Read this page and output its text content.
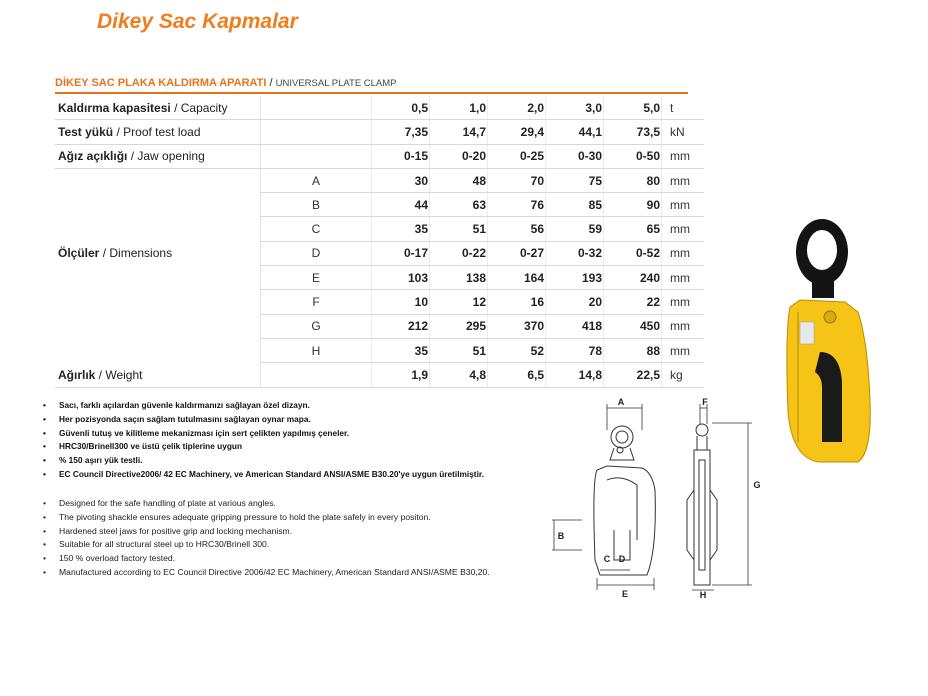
Dikey Sac Kapmalar
DİKEY SAC PLAKA KALDIRMA APARATI / UNIVERSAL PLATE CLAMP
Kaldırma kapasitesi / Capacity		0,5	1,0	2,0	3,0	5,0	t
Test yükü / Proof test load		7,35	14,7	29,4	44,1	73,5	kN
Ağız açıklığı / Jaw opening		0-15	0-20	0-25	0-30	0-50	mm
	A	30	48	70	75	80	mm
	B	44	63	76	85	90	mm
	C	35	51	56	59	65	mm
Ölçüler / Dimensions	D	0-17	0-22	0-27	0-32	0-52	mm
	E	103	138	164	193	240	mm
	F	10	12	16	20	22	mm
	G	212	295	370	418	450	mm
	H	35	51	52	78	88	mm
Ağırlık / Weight		1,9	4,8	6,5	14,8	22,5	kg
• Sacı, farklı açılardan güvenle kaldırmanızı sağlayan özel dizayn.
• Her pozisyonda saçın sağlam tutulmasını sağlayan oynar mapa.
• Güvenli tutuş ve kilitleme mekanizması için sert çelikten yapılmış çeneler.
• HRC30/Brinell300 ve üstü çelik tiplerine uygun
• % 150 aşırı yük testli.
• EC Council Directive2006/ 42 EC Machinery, ve American Standard ANSI/ASME B30.20'ye uygun üretilmiştir.
• Designed for the safe handling of plate at various angles.
• The pivoting shackle ensures adequate gripping pressure to hold the plate safely in every positon.
• Hardened steel jaws for positive grip and locking mechanism.
• Suitable for all structural steel up to HRC30/Brinell 300.
• 150 % overload factory tested.
• Manufactured according to EC Council Directive 2006/42 EC Machinery, American Standard ANSI/ASME B30,20.
A
B
C D
E
F
G
H
